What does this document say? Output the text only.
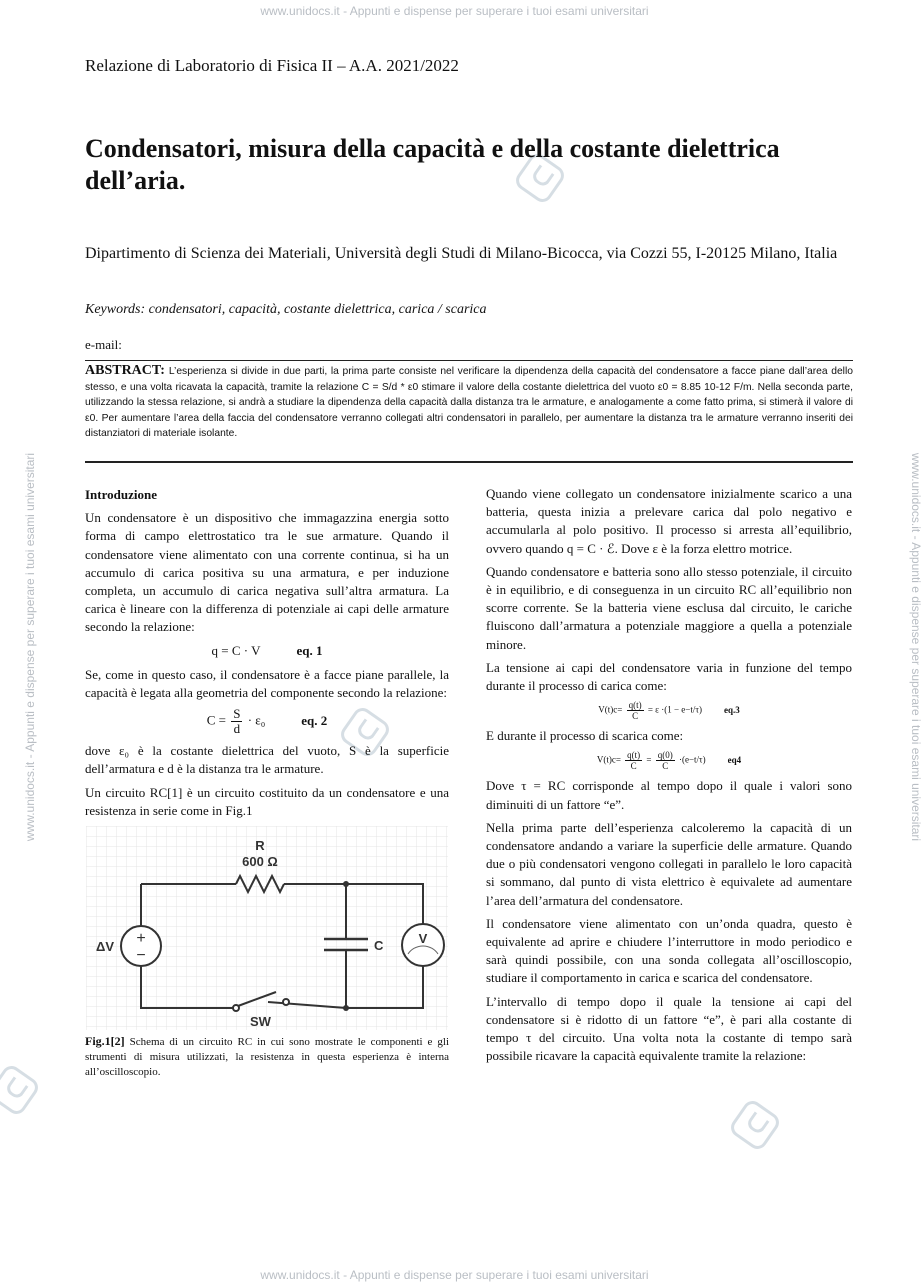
www.unidocs.it - Appunti e dispense per superare i tuoi esami universitari
www.unidocs.it - Appunti e dispense per superare i tuoi esami universitari
www.unidocs.it - Appunti e dispense per superare i tuoi esami universitari	www.unidocs.it - Appunti e dispense per superare i tuoi esami universitari
Relazione di Laboratorio di Fisica II – A.A. 2021/2022
Condensatori, misura della capacità e della costante dielettrica dell’aria.
Dipartimento di Scienza dei Materiali, Università degli Studi di Milano-Bicocca, via Cozzi 55, I-20125 Milano, Italia
Keywords: condensatori, capacità, costante dielettrica, carica / scarica
e-mail:
ABSTRACT: L’esperienza si divide in due parti, la prima parte consiste nel verificare la dipendenza della capacità del condensatore a facce piane dall’area dello stesso, e una volta ricavata la capacità, tramite la relazione C = S/d * ε0 stimare il valore della costante dielettrica del vuoto ε0 = 8.85 10-12 F/m. Nella seconda parte, utilizzando la stessa relazione, si andrà a studiare la dipendenza della capacità dalla distanza tra le armature, e analogamente a come fatto prima, si stimerà il valore di ε0. Per aumentare l’area della faccia del condensatore verranno collegati altri condensatori in parallelo, per aumentare la distanza tra le armature verranno inseriti dei distanziatori di materiale isolante.

Introduzione

Un condensatore è un dispositivo che immagazzina energia sotto forma di campo elettrostatico tra le sue armature. Quando il condensatore viene alimentato con una corrente continua, si ha un accumulo di carica positiva su una armatura, e per induzione completa, un accumulo di carica negativa sull’altra armatura. La carica è lineare con la differenza di potenziale ai capi delle armature secondo la relazione:

q = C · V	eq. 1

Se, come in questo caso, il condensatore è a facce piane parallele, la capacità è legata alla geometria del componente secondo la relazione:

$C = \frac{S}{d} \cdot \varepsilon_0$	eq. 2

dove ε₀ è la costante dielettrica del vuoto, S è la superficie dell’armatura e d è la distanza tra le armature.

Un circuito RC[1] è un circuito costituito da un condensatore e una resistenza in serie come in Fig.1

R
600 Ω
C
+
−
ΔV
V
SW
Fig.1[2] Schema di un circuito RC in cui sono mostrate le componenti e gli strumenti di misura utilizzati, la resistenza in questa esperienza è interna all’oscilloscopio.

Quando viene collegato un condensatore inizialmente scarico a una batteria, questa inizia a prelevare carica dal polo negativo e accumularla al polo positivo. Il processo si arresta all’equilibrio, ovvero quando q = C · ℰ. Dove ε è la forza elettro motrice.

Quando condensatore e batteria sono allo stesso potenziale, il circuito è in equilibrio, e di conseguenza in un circuito RC all’equilibrio non scorre corrente. Se la batteria viene esclusa dal circuito, le cariche fluiscono dall’armatura a potenziale maggiore a quella a potenziale minore.

La tensione ai capi del condensatore varia in funzione del tempo durante il processo di carica come:

$V(t)c= \frac{q(t)}{C} = \varepsilon \cdot(1 - e-t/\tau)$ eq.3

E durante il processo di scarica come:

$V(t)c= \frac{q(t)}{C} = \frac{q(0)}{C} \cdot(e-t/\tau)$ eq4

Dove τ = RC corrisponde al tempo dopo il quale i valori sono diminuiti di un fattore “e”.

Nella prima parte dell’esperienza calcoleremo la capacità di un condensatore andando a variare la superficie delle armature. Quando due o più condensatori vengono collegati in parallelo le loro capacità si sommano, dal punto di vista elettrico è equivalete ad aumentare l’area dell’armatura del condensatore.

Il condensatore viene alimentato con un’onda quadra, questo è equivalente ad aprire e chiudere l’interruttore in modo periodico e sarà quindi possibile, con una sonda collegata all’oscilloscopio, studiare il comportamento in carica e scarica del condensatore.

L’intervallo di tempo dopo il quale la tensione ai capi del condensatore si è ridotto di un fattore “e”, è pari alla costante di tempo τ del circuito. Una volta nota la costante di tempo sarà possibile ricavare la capacità equivalente tramite la relazione:
